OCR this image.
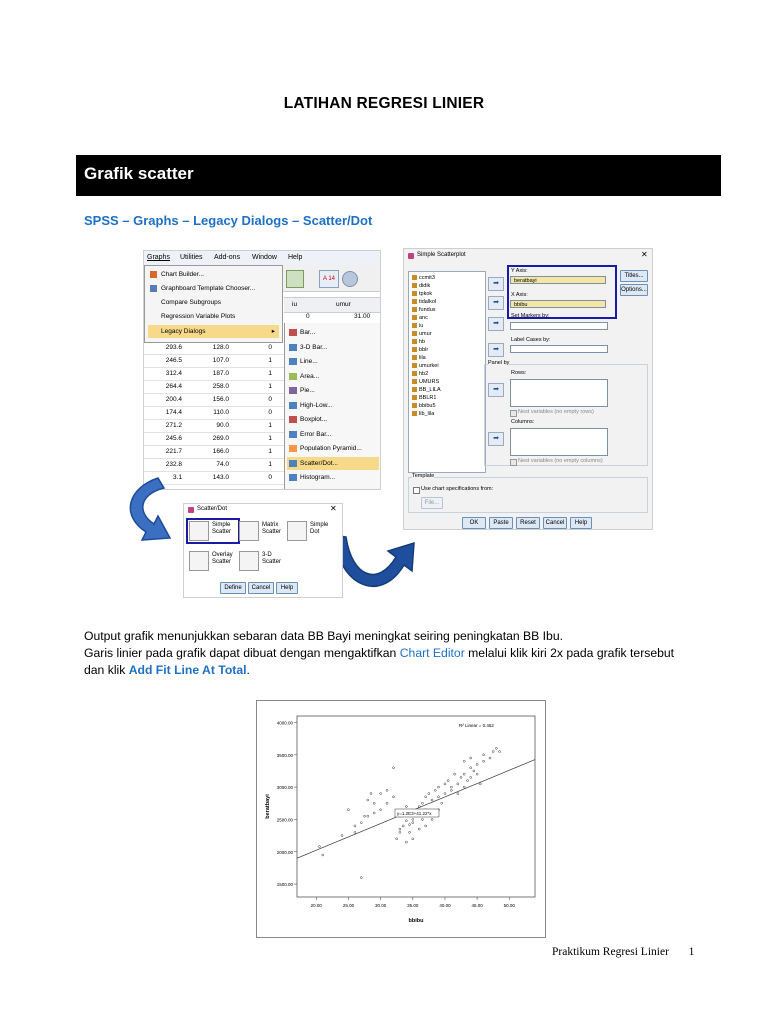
LATIHAN REGRESI LINIER
Grafik scatter
SPSS – Graphs – Legacy Dialogs – Scatter/Dot
Graphs Utilities Add-ons Window Help
A 14
Chart Builder...
Graphboard Template Chooser...
Compare Subgroups
Regression Variable Plots
Legacy Dialogs	▸
iu	umur
0	31.00
293.6	128.0	0
246.5	107.0	1
312.4	187.0	1
264.4	258.0	1
200.4	156.0	0
174.4	110.0	0
271.2	90.0	1
245.6	269.0	1
221.7	166.0	1
232.8	74.0	1
3.1	143.0	0
Bar...
3-D Bar...
Line...
Area...
Pie...
High-Low...
Boxplot...
Error Bar...
Population Pyramid...
Scatter/Dot...
Histogram...
Scatter/Dot	✕
Simple Scatter
Matrix Scatter
Simple Dot
Overlay Scatter
3-D Scatter
Define	Cancel	Help
Simple Scatterplot	✕
ccmit3
didik
tpkok
tidalkol
fundus
anc
iu
umur
hb
bblr
lila
umurkei
hb2
UMURS
BB_LILA
BBLR1
bbibu5
lib_lila
➡
➡
➡
➡
➡
➡
Y Axis:
beratbayi
X Axis:
bbibu
Set Markers by:
Label Cases by:
Panel by
Rows:
Nest variables (no empty rows)
Columns:
Nest variables (no empty columns)
Template
Use chart specifications from:
File...
Titles...
Options...
OK	Paste	Reset	Cancel	Help
Output grafik menunjukkan sebaran data BB Bayi meningkat seiring peningkatan BB Ibu.
Garis linier pada grafik dapat dibuat dengan mengaktifkan Chart Editor melalui klik kiri 2x pada grafik tersebut
dan klik Add Fit Line At Total.
1500.00
2000.00
2500.00
3000.00
3500.00
4000.00
20.00	25.00	30.00	35.00	40.00	45.00	50.00
bbibu
beratbayi	y=1.2E3+41.22*x
R² Linear = 0.462
Praktikum Regresi Linier 1
